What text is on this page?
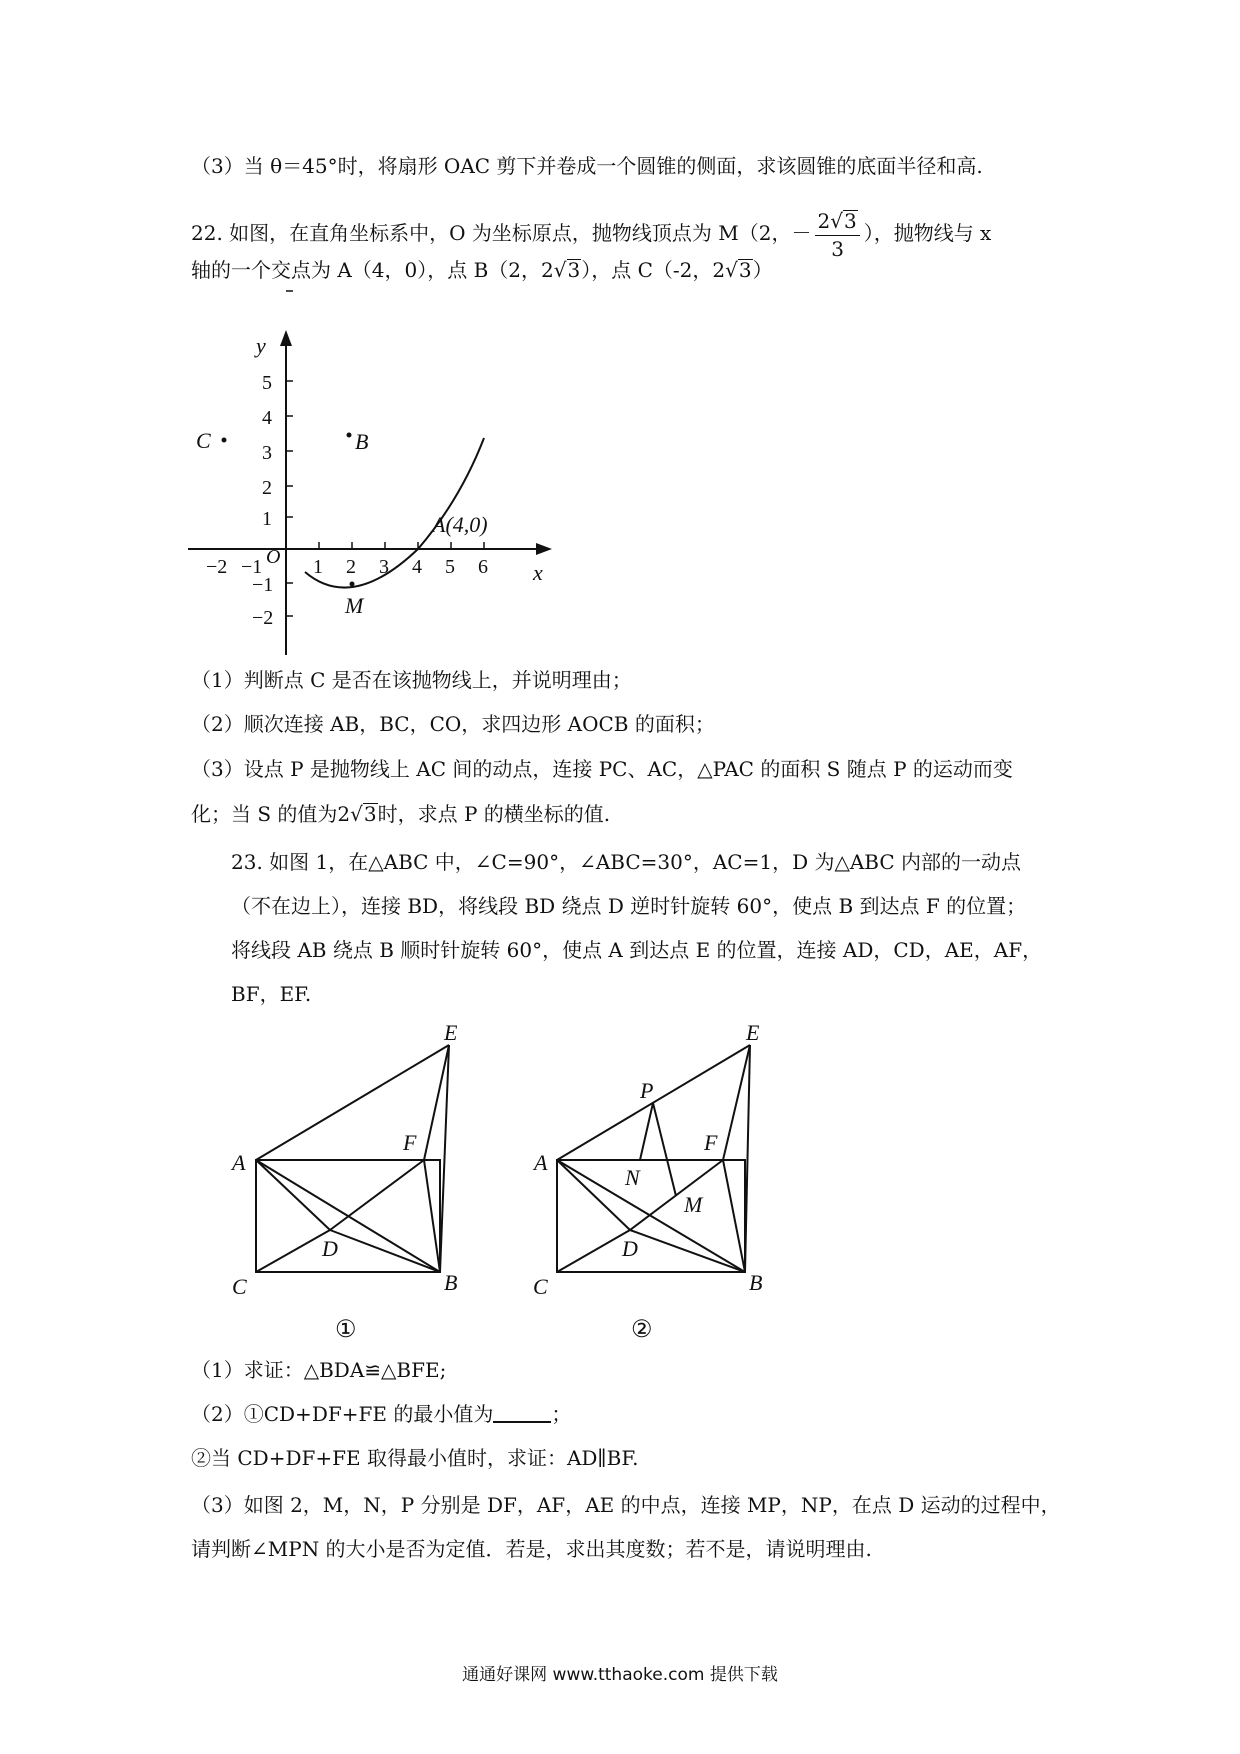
（3）当 θ＝45°时，将扇形 OAC 剪下并卷成一个圆锥的侧面，求该圆锥的底面半径和高.
22. 如图，在直角坐标系中，O 为坐标原点，抛物线顶点为 M（2，－ $\frac{2√3}{3}$ ），抛物线与 x
轴的一个交点为 A（4，0），点 B（2，2√3），点 C（-2，2√3）
y
5
4
3
2
1
−1
−2
−2 −1 O 1 2 3 4 5 6 x
C	B
M
A(4,0)
（1）判断点 C 是否在该抛物线上，并说明理由；
（2）顺次连接 AB，BC，CO，求四边形 AOCB 的面积；
（3）设点 P 是抛物线上 AC 间的动点，连接 PC、AC，△PAC 的面积 S 随点 P 的运动而变
化；当 S 的值为2√3时，求点 P 的横坐标的值.
23. 如图 1，在△ABC 中，∠C=90°，∠ABC=30°，AC=1，D 为△ABC 内部的一动点
（不在边上），连接 BD，将线段 BD 绕点 D 逆时针旋转 60°，使点 B 到达点 F 的位置；
将线段 AB 绕点 B 顺时针旋转 60°，使点 A 到达点 E 的位置，连接 AD，CD，AE，AF，
BF，EF.
E
A
F
D
C	B
①
E
A
F
P
N
M
D
C	B
②
（1）求证：△BDA≌△BFE;
（2）①CD+DF+FE 的最小值为	；
②当 CD+DF+FE 取得最小值时，求证：AD∥BF.
（3）如图 2，M，N，P 分别是 DF，AF，AE 的中点，连接 MP，NP，在点 D 运动的过程中，
请判断∠MPN 的大小是否为定值．若是，求出其度数；若不是，请说明理由.
通通好课网 www.tthaoke.com 提供下载
